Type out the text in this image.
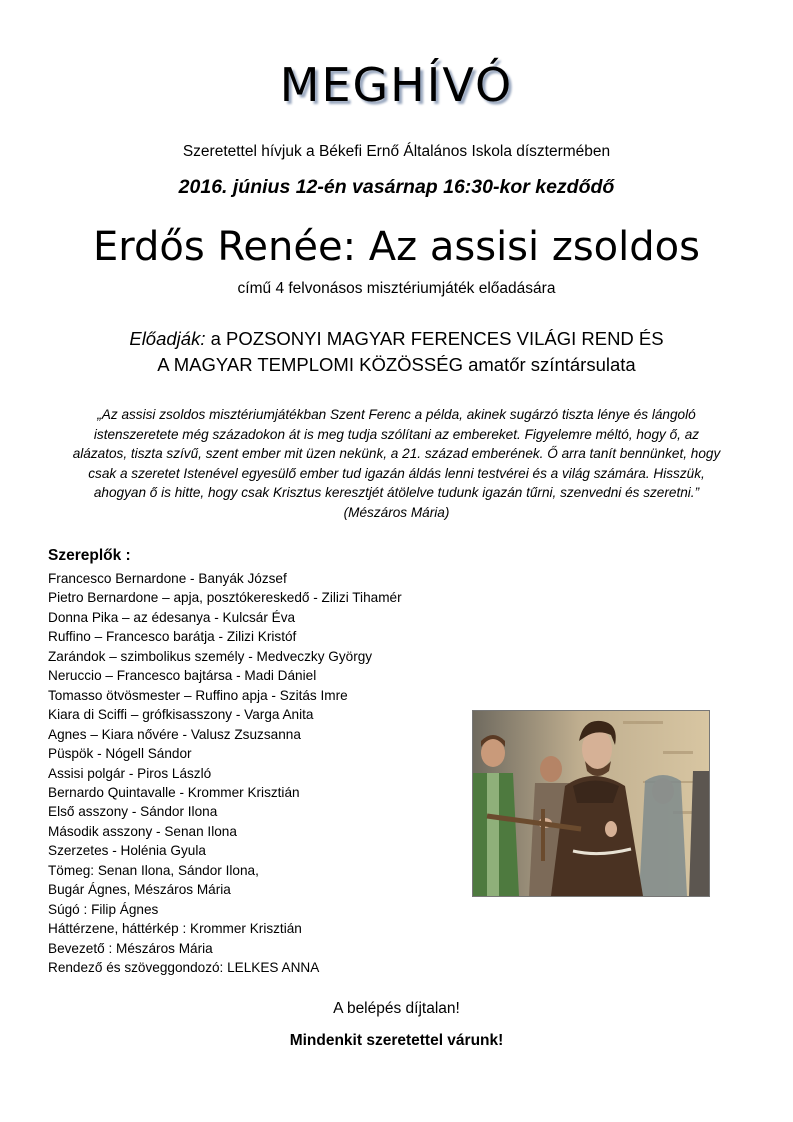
MEGHÍVÓ
Szeretettel hívjuk a Békefi Ernő Általános Iskola dísztermében
2016. június 12-én vasárnap 16:30-kor kezdődő
Erdős Renée: Az assisi zsoldos
című 4 felvonásos misztériumjáték előadására
Előadják: a POZSONYI MAGYAR FERENCES VILÁGI REND ÉS
A MAGYAR TEMPLOMI KÖZÖSSÉG amatőr színtársulata
„Az assisi zsoldos misztériumjátékban Szent Ferenc a példa, akinek sugárzó tiszta lénye és lángoló
istenszeretete még századokon át is meg tudja szólítani az embereket. Figyelemre méltó, hogy ő, az
alázatos, tiszta szívű, szent ember mit üzen nekünk, a 21. század emberének. Ő arra tanít bennünket, hogy
csak a szeretet Istenével egyesülő ember tud igazán áldás lenni testvérei és a világ számára. Hisszük,
ahogyan ő is hitte, hogy csak Krisztus keresztjét átölelve tudunk igazán tűrni, szenvedni és szeretni.”
(Mészáros Mária)
Szereplők :
Francesco Bernardone - Banyák József
Pietro Bernardone – apja, posztókereskedő - Zilizi Tihamér
Donna Pika – az édesanya - Kulcsár Éva
Ruffino – Francesco barátja - Zilizi Kristóf
Zarándok – szimbolikus személy - Medveczky György
Neruccio – Francesco bajtársa - Madi Dániel
Tomasso ötvösmester – Ruffino apja - Szitás Imre
Kiara di Sciffi – grófkisasszony - Varga Anita
Agnes – Kiara nővére - Valusz Zsuzsanna
Püspök - Nógell Sándor
Assisi polgár - Piros László
Bernardo Quintavalle - Krommer Krisztián
Első asszony - Sándor Ilona
Második asszony - Senan Ilona
Szerzetes - Holénia Gyula
Tömeg: Senan Ilona, Sándor Ilona,
Bugár Ágnes, Mészáros Mária
Súgó : Filip Ágnes
Háttérzene, háttérkép : Krommer Krisztián
Bevezető : Mészáros Mária
Rendező és szöveggondozó: LELKES ANNA
A belépés díjtalan!
Mindenkit szeretettel várunk!
